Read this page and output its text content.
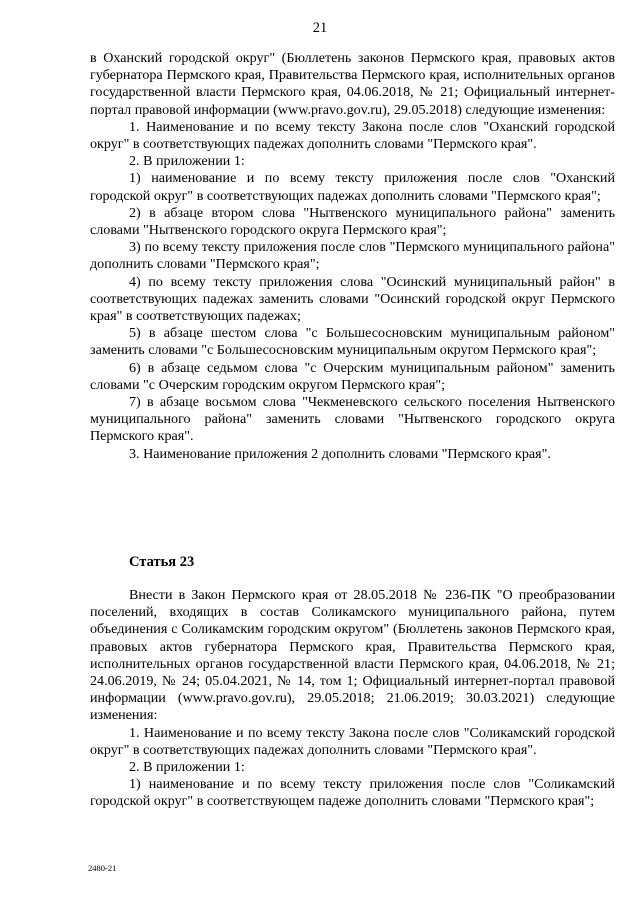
21

в Оханский городской округ" (Бюллетень законов Пермского края, правовых актов губернатора Пермского края, Правительства Пермского края, исполнительных органов государственной власти Пермского края, 04.06.2018, № 21; Официальный интернет-портал правовой информации (www.pravo.gov.ru), 29.05.2018) следующие изменения:

1. Наименование и по всему тексту Закона после слов "Оханский городской округ" в соответствующих падежах дополнить словами "Пермского края".

2. В приложении 1:

1) наименование и по всему тексту приложения после слов "Оханский городской округ" в соответствующих падежах дополнить словами "Пермского края";

2) в абзаце втором слова "Нытвенского муниципального района" заменить словами "Нытвенского городского округа Пермского края";

3) по всему тексту приложения после слов "Пермского муниципального района" дополнить словами "Пермского края";

4) по всему тексту приложения слова "Осинский муниципальный район" в соответствующих падежах заменить словами "Осинский городской округ Пермского края" в соответствующих падежах;

5) в абзаце шестом слова "с Большесосновским муниципальным районом" заменить словами "с Большесосновским муниципальным округом Пермского края";

6) в абзаце седьмом слова "с Очерским муниципальным районом" заменить словами "с Очерским городским округом Пермского края";

7) в абзаце восьмом слова "Чекменевского сельского поселения Нытвенского муниципального района" заменить словами "Нытвенского городского округа Пермского края".

3. Наименование приложения 2 дополнить словами "Пермского края".

Статья 23

Внести в Закон Пермского края от 28.05.2018 № 236-ПК "О преобразовании поселений, входящих в состав Соликамского муниципального района, путем объединения с Соликамским городским округом" (Бюллетень законов Пермского края, правовых актов губернатора Пермского края, Правительства Пермского края, исполнительных органов государственной власти Пермского края, 04.06.2018, № 21; 24.06.2019, № 24; 05.04.2021, № 14, том 1; Официальный интернет-портал правовой информации (www.pravo.gov.ru), 29.05.2018; 21.06.2019; 30.03.2021) следующие изменения:

1. Наименование и по всему тексту Закона после слов "Соликамский городской округ" в соответствующих падежах дополнить словами "Пермского края".

2. В приложении 1:

1) наименование и по всему тексту приложения после слов "Соликамский городской округ" в соответствующем падеже дополнить словами "Пермского края";

2480-21
